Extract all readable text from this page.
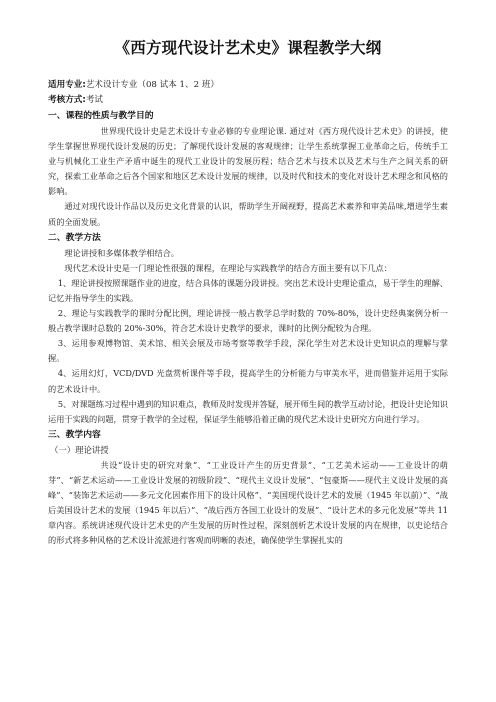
《西方现代设计艺术史》课程教学大纲
适用专业:艺术设计专业（08 试本 1、2 班）
考核方式:考试
一、课程的性质与教学目的

世界现代设计史是艺术设计专业必修的专业理论课. 通过对《西方现代设计艺术史》的讲授，使学生掌握世界现代设计发展的历史；了解现代设计发展的客观规律；让学生系统掌握工业革命之后，传统手工业与机械化工业生产矛盾中诞生的现代工业设计的发展历程；结合艺术与技术以及艺术与生产之间关系的研究，探索工业革命之后各个国家和地区艺术设计发展的规律，以及时代和技术的变化对设计艺术理念和风格的影响。

通过对现代设计作品以及历史文化背景的认识，帮助学生开阔视野，提高艺术素养和审美品味,增进学生素质的全面发展。

二、教学方法

理论讲授和多媒体教学相结合。

现代艺术设计史是一门理论性很强的课程，在理论与实践教学的结合方面主要有以下几点：

1、理论讲授按照课题作业的进度，结合具体的课题分段讲授。突出艺术设计史理论重点，易于学生的理解、记忆并指导学生的实践。

2、理论与实践教学的课时分配比例，理论讲授一般占教学总学时数的 70%-80%，设计史经典案例分析一般占教学课时总数的 20%-30%，符合艺术设计史教学的要求，课时的比例分配较为合理。

3、运用参观博物馆、美术馆、相关会展及市场考察等教学手段，深化学生对艺术设计史知识点的理解与掌握。

4、运用幻灯，VCD/DVD 光盘赏析课件等手段，提高学生的分析能力与审美水平，进而借鉴并运用于实际的艺术设计中。

5、对课题练习过程中遇到的知识难点，教师及时发现并答疑，展开师生间的教学互动讨论，把设计史论知识运用于实践的问题，贯穿于教学的全过程，保证学生能够沿着正确的现代艺术设计史研究方向进行学习。

三、教学内容
（一）理论讲授

共设“设计史的研究对象”、“工业设计产生的历史背景”、“工艺美术运动——工业设计的萌芽”、“新艺术运动——工业设计发展的初级阶段”、“现代主义设计发展”、“包豪斯——现代主义设计发展的高峰”、“装饰艺术运动——多元文化因素作用下的设计风格”、“美国现代设计艺术的发展（1945 年以前）”、“战后美国设计艺术的发展（1945 年以后）”、“战后西方各国工业设计的发展”、“设计艺术的多元化发展”等共 11 章内容。系统讲述现代设计艺术史的产生发展的历时性过程，深刻剖析艺术设计发展的内在规律，以史论结合的形式将多种风格的艺术设计流派进行客观而明晰的表述，确保使学生掌握扎实的
